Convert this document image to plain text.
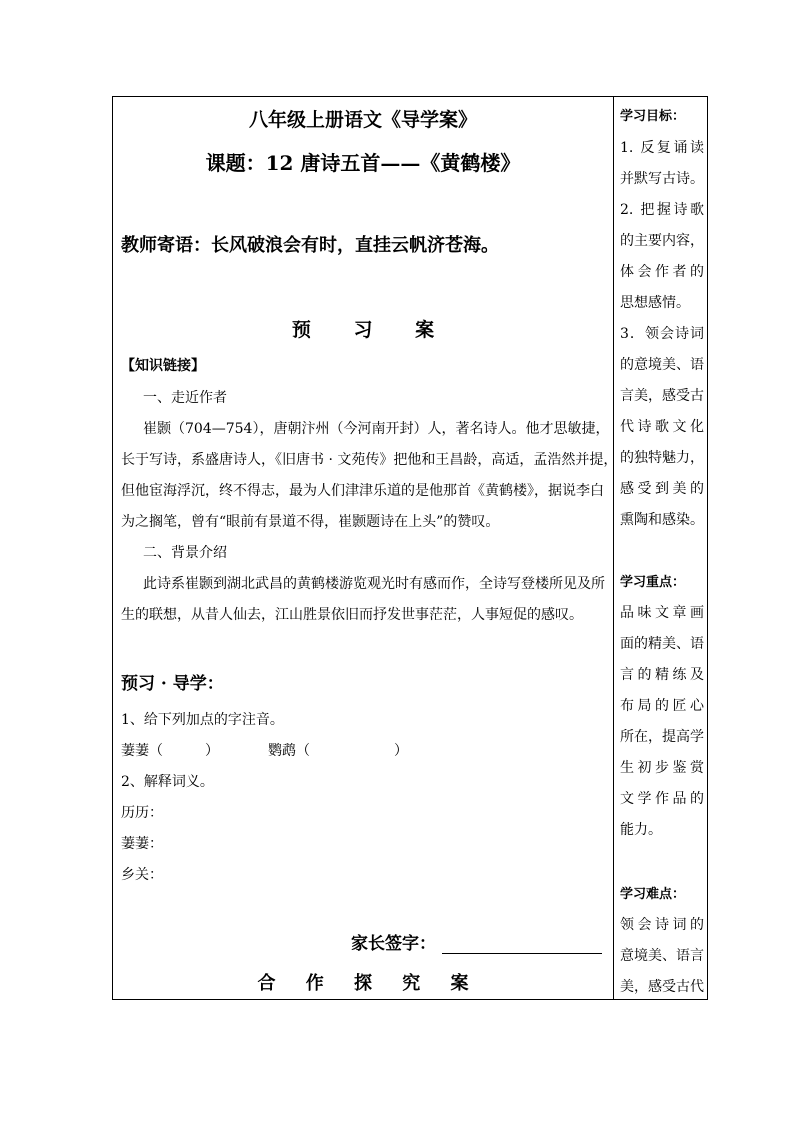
八年级上册语文《导学案》
课题：12 唐诗五首——《黄鹤楼》
教师寄语：长风破浪会有时，直挂云帆济苍海。
预 习 案
【知识链接】
一、走近作者
崔颢（704—754），唐朝汴州（今河南开封）人，著名诗人。他才思敏捷，
长于写诗，系盛唐诗人，《旧唐书 · 文苑传》把他和王昌龄，高适，孟浩然并提，
但他宦海浮沉，终不得志，最为人们津津乐道的是他那首《黄鹤楼》，据说李白
为之搁笔，曾有“眼前有景道不得，崔颢题诗在上头”的赞叹。
二、背景介绍
此诗系崔颢到湖北武昌的黄鹤楼游览观光时有感而作，全诗写登楼所见及所
生的联想，从昔人仙去，江山胜景依旧而抒发世事茫茫，人事短促的感叹。
预习 · 导学：
1、给下列加点的字注音。
萋萋（　　　）　　　　鹦鹉（　　　　　　）
2、解释词义。
历历：
萋萋：
乡关：
家长签字：
合 作 探 究 案
学习目标：
1. 反复诵读
并默写古诗。
2. 把握诗歌
的主要内容，
体会作者的
思想感情。
3．领会诗词
的意境美、语
言美，感受古
代诗歌文化
的独特魅力，
感受到美的
熏陶和感染。
学习重点：
品味文章画
面的精美、语
言的精练及
布局的匠心
所在，提高学
生初步鉴赏
文学作品的
能力。
学习难点：
领会诗词的
意境美、语言
美，感受古代
